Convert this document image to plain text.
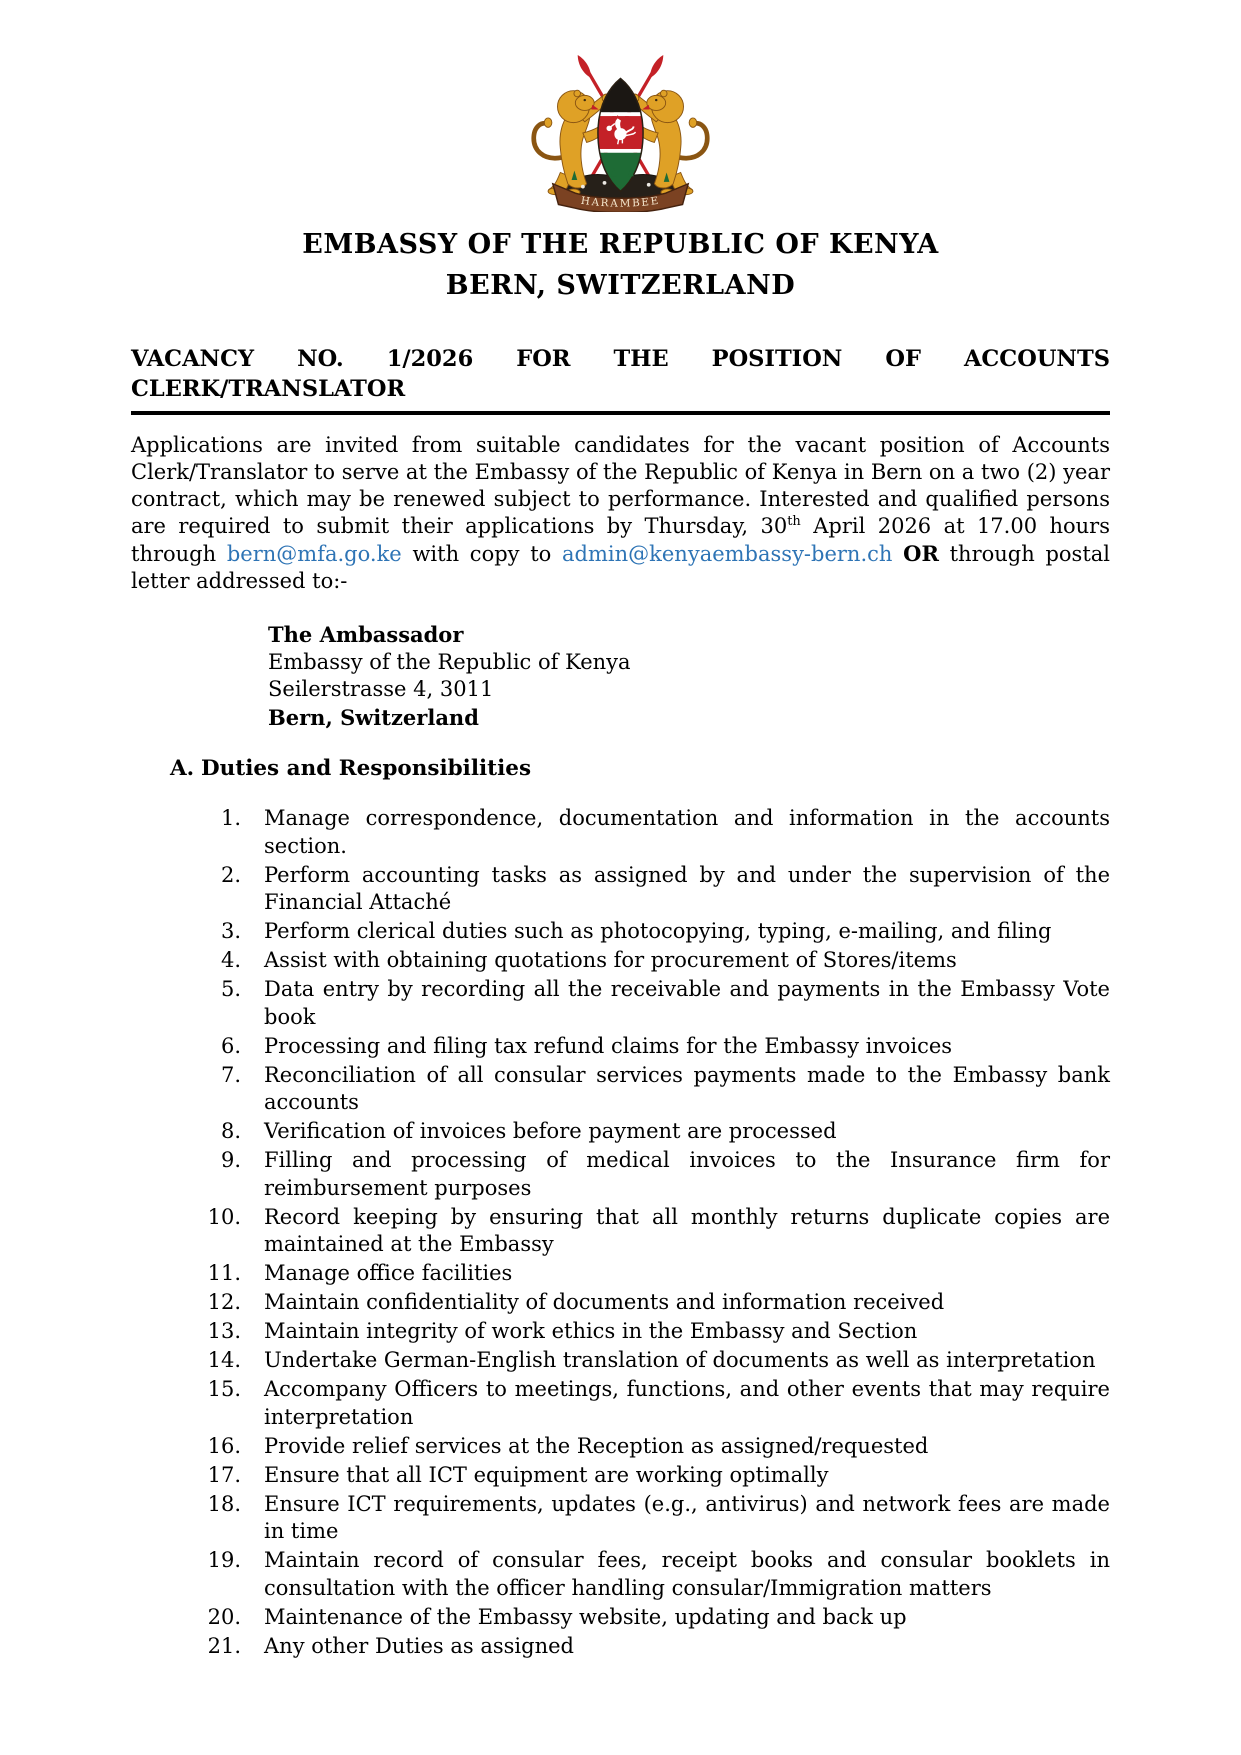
HARAMBEE
EMBASSY OF THE REPUBLIC OF KENYA
BERN, SWITZERLAND
VACANCY NO. 1/2026 FOR THE POSITION OF ACCOUNTS CLERK/TRANSLATOR

Applications are invited from suitable candidates for the vacant position of Accounts Clerk/Translator to serve at the Embassy of the Republic of Kenya in Bern on a two (2) year contract, which may be renewed subject to performance. Interested and qualified persons are required to submit their applications by Thursday, 30th April 2026 at 17.00 hours through bern@mfa.go.ke with copy to admin@kenyaembassy-bern.ch OR through postal letter addressed to:-

The Ambassador
Embassy of the Republic of Kenya
Seilerstrasse 4, 3011
Bern, Switzerland
A. Duties and Responsibilities
1. Manage correspondence, documentation and information in the accounts section.
2. Perform accounting tasks as assigned by and under the supervision of the Financial Attaché
3. Perform clerical duties such as photocopying, typing, e-mailing, and filing
4. Assist with obtaining quotations for procurement of Stores/items
5. Data entry by recording all the receivable and payments in the Embassy Vote book
6. Processing and filing tax refund claims for the Embassy invoices
7. Reconciliation of all consular services payments made to the Embassy bank accounts
8. Verification of invoices before payment are processed
9. Filling and processing of medical invoices to the Insurance firm for reimbursement purposes
10. Record keeping by ensuring that all monthly returns duplicate copies are maintained at the Embassy
11. Manage office facilities
12. Maintain confidentiality of documents and information received
13. Maintain integrity of work ethics in the Embassy and Section
14. Undertake German-English translation of documents as well as interpretation
15. Accompany Officers to meetings, functions, and other events that may require interpretation
16. Provide relief services at the Reception as assigned/requested
17. Ensure that all ICT equipment are working optimally
18. Ensure ICT requirements, updates (e.g., antivirus) and network fees are made in time
19. Maintain record of consular fees, receipt books and consular booklets in consultation with the officer handling consular/Immigration matters
20. Maintenance of the Embassy website, updating and back up
21. Any other Duties as assigned
